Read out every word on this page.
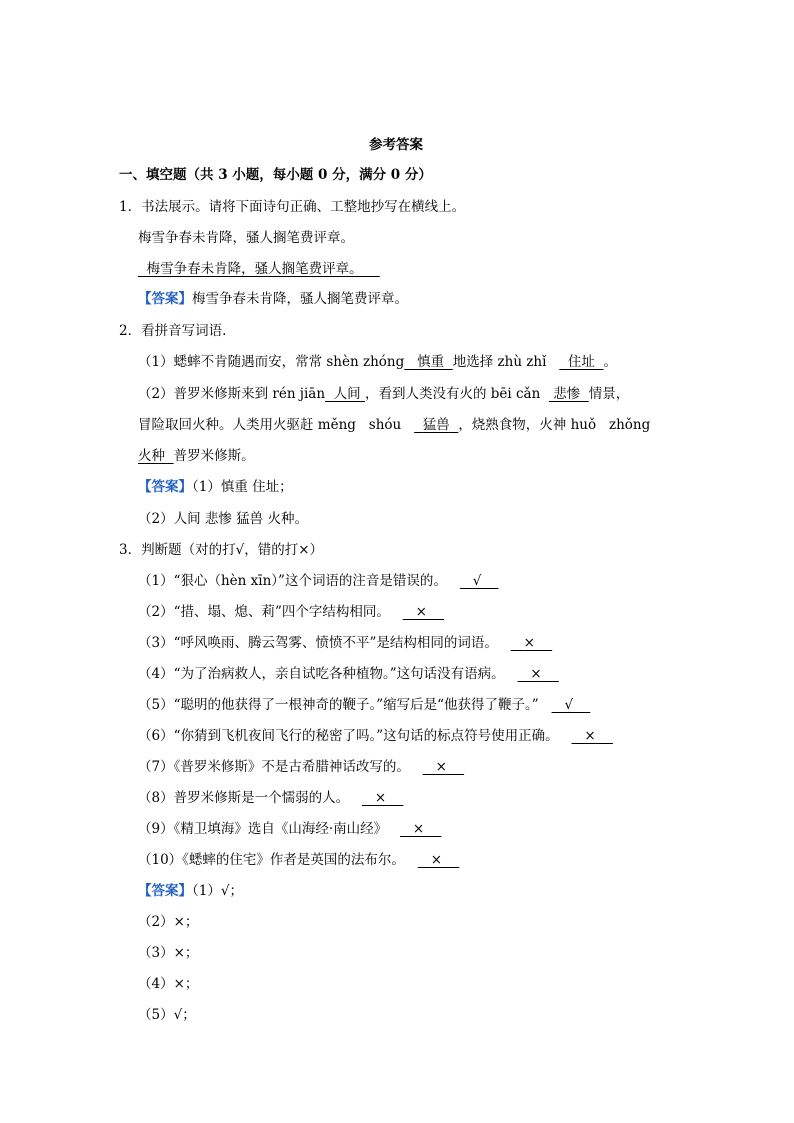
参考答案
一、填空题（共 3 小题，每小题 0 分，满分 0 分）
1．书法展示。请将下面诗句正确、工整地抄写在横线上。
梅雪争春未肯降，骚人搁笔费评章。
梅雪争春未肯降，骚人搁笔费评章。
【答案】梅雪争春未肯降，骚人搁笔费评章。
2．看拼音写词语.
（1）蟋蟀不肯随遇而安，常常 shèn zhóng 慎重 地选择 zhù zhǐ 住址 。
（2）普罗米修斯来到 rén jiān 人间 ，看到人类没有火的 bēi cǎn 悲惨 情景，
冒险取回火种。人类用火驱赶 měng shóu 猛兽 ，烧熟食物，火神 huǒ zhǒng
火种 普罗米修斯。
【答案】（1）慎重 住址；
（2）人间 悲惨 猛兽 火种。
3．判断题（对的打√，错的打×）
（1）“狠心（hèn xīn）”这个词语的注音是错误的。 √
（2）“措、塌、熄、莉”四个字结构相同。 ×
（3）“呼风唤雨、腾云驾雾、愤愤不平”是结构相同的词语。 ×
（4）“为了治病救人，亲自试吃各种植物。”这句话没有语病。 ×
（5）“聪明的他获得了一根神奇的鞭子。”缩写后是“他获得了鞭子。” √
（6）“你猜到飞机夜间飞行的秘密了吗。”这句话的标点符号使用正确。 ×
（7）《普罗米修斯》不是古希腊神话改写的。 ×
（8）普罗米修斯是一个懦弱的人。 ×
（9）《精卫填海》选自《山海经·南山经》 ×
（10）《蟋蟀的住宅》作者是英国的法布尔。 ×
【答案】（1）√；
（2）×；
（3）×；
（4）×；
（5）√；
